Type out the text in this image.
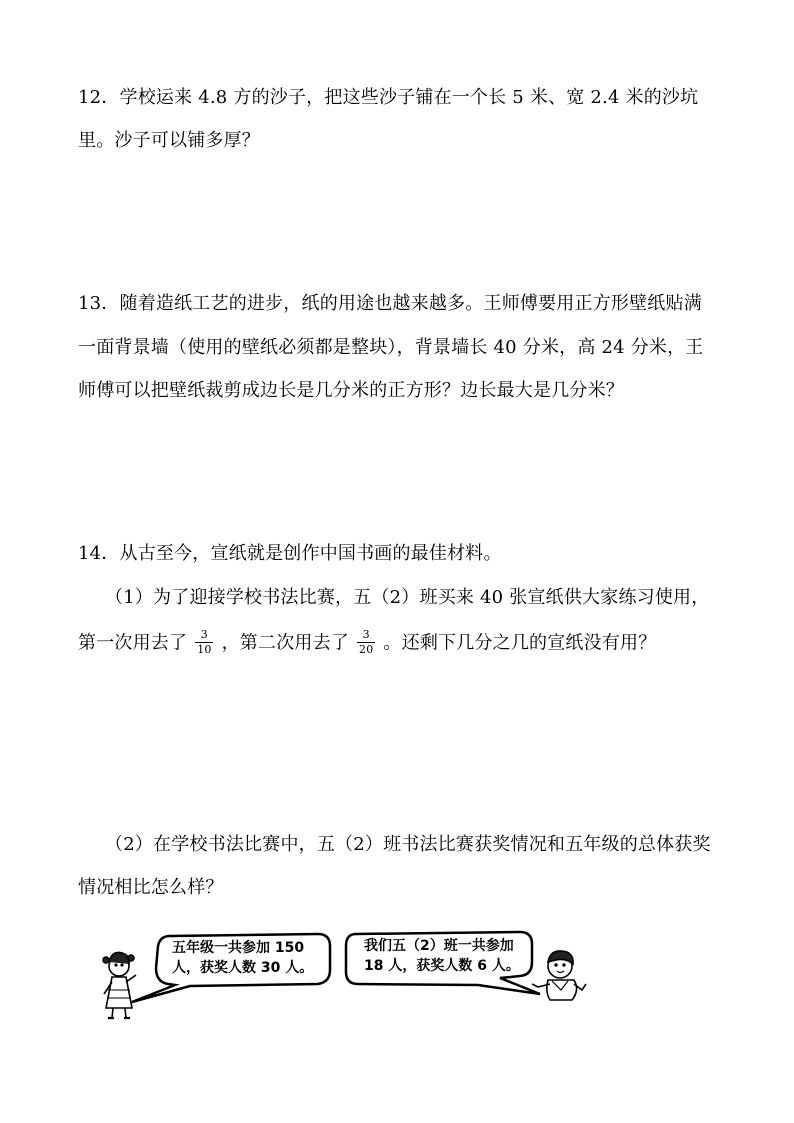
12．学校运来 4.8 方的沙子，把这些沙子铺在一个长 5 米、宽 2.4 米的沙坑
里。沙子可以铺多厚？
13．随着造纸工艺的进步，纸的用途也越来越多。王师傅要用正方形壁纸贴满
一面背景墙（使用的壁纸必须都是整块），背景墙长 40 分米，高 24 分米，王
师傅可以把壁纸裁剪成边长是几分米的正方形？边长最大是几分米？
14．从古至今，宣纸就是创作中国书画的最佳材料。
（1）为了迎接学校书法比赛，五（2）班买来 40 张宣纸供大家练习使用，
第一次用去了 $\frac{3}{10}$ ，第二次用去了 $\frac{3}{20}$ 。还剩下几分之几的宣纸没有用？
（2）在学校书法比赛中，五（2）班书法比赛获奖情况和五年级的总体获奖
情况相比怎么样？
五年级一共参加 150
人，获奖人数 30 人。
我们五（2）班一共参加
18 人，获奖人数 6 人。
